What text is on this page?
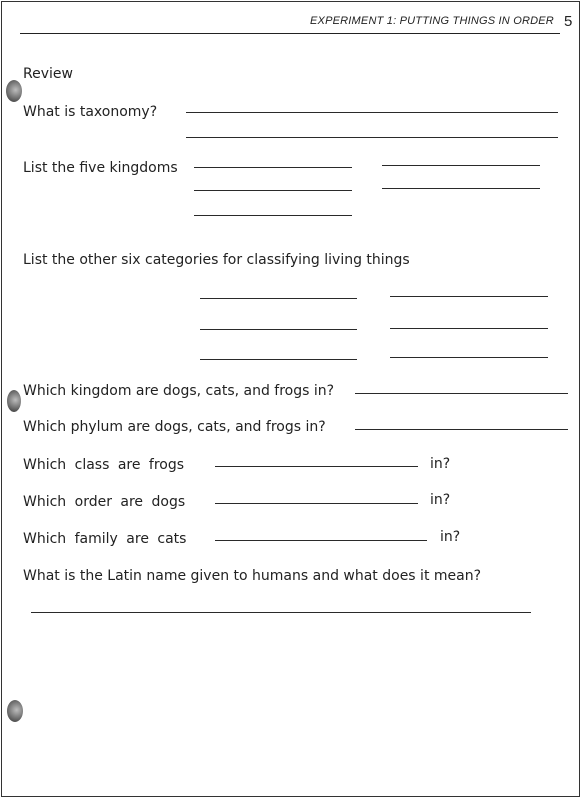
EXPERIMENT 1: PUTTING THINGS IN ORDER 5
Review
What is taxonomy?
List the five kingdoms
List the other six categories for classifying living things
Which kingdom are dogs, cats, and frogs in?
Which phylum are dogs, cats, and frogs in?
Which class are frogs	in?
Which order are dogs	in?
Which family are cats	in?
What is the Latin name given to humans and what does it mean?
